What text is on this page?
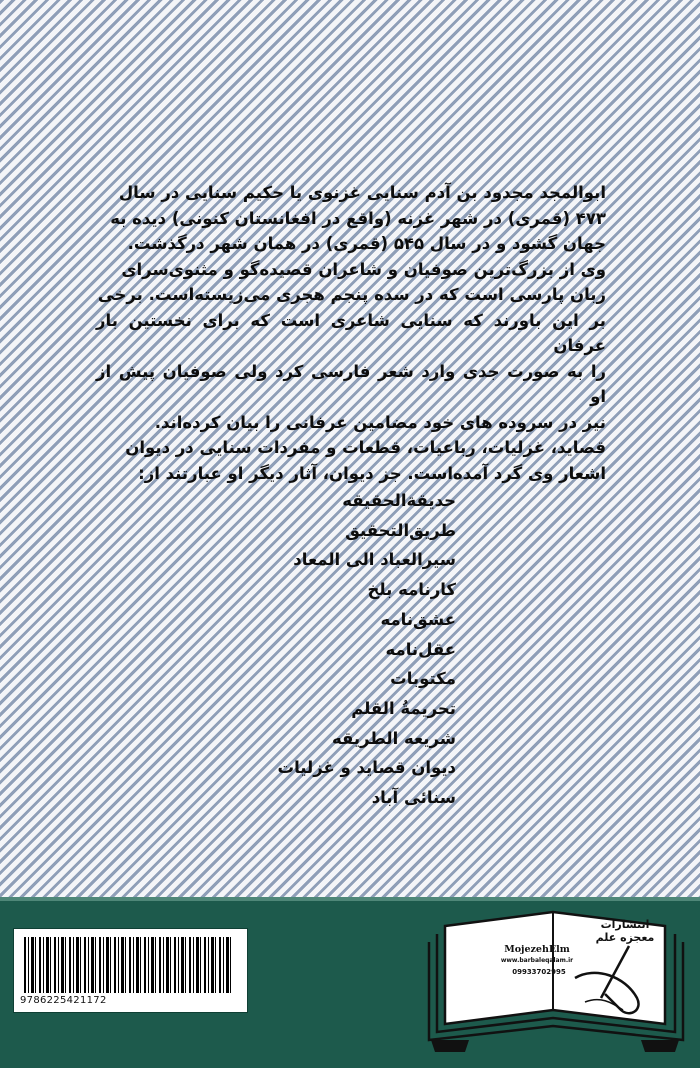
ابوالمجد مجدود بن آدم سنایی غزنوی یا حکیم سنایی در سال

۴۷۳ (قمری) در شهر غزنه (واقع در افغانستان کنونی) دیده به

جهان گشود و در سال ۵۴۵ (قمری) در همان شهر درگذشت.

وی از بزرگ‌ترین صوفیان و شاعران قصیده‌گو و مثنوی‌سرای

زبان پارسی است که در سده پنجم هجری می‌زیسته‌است. برخی

بر این باورند که سنایی شاعری است که برای نخستین بار عرفان

را به صورت جدی وارد شعر فارسی کرد ولی صوفیان پیش از او

نیز در سروده های خود مضامین عرفانی را بیان کرده‌اند.

قصاید، غزلیات، رباعیات، قطعات و مفردات سنایی در دیوان

اشعار وی گرد آمده‌است. جز دیوان، آثار دیگر او عبارتند از:

حدیقةالحقیقه
طریق‌التحقیق
سیرالعباد الی المعاد
کارنامه بلخ
عشق‌نامه
عقل‌نامه
مکتوبات
تحریمةُ القلم
شریعه الطریقه
دیوان قصاید و غزلیات
سنائی آباد
9786225421172
انتشارات
معجزه علم
MojezehElm
www.barbaleqalam.ir
09933702995
